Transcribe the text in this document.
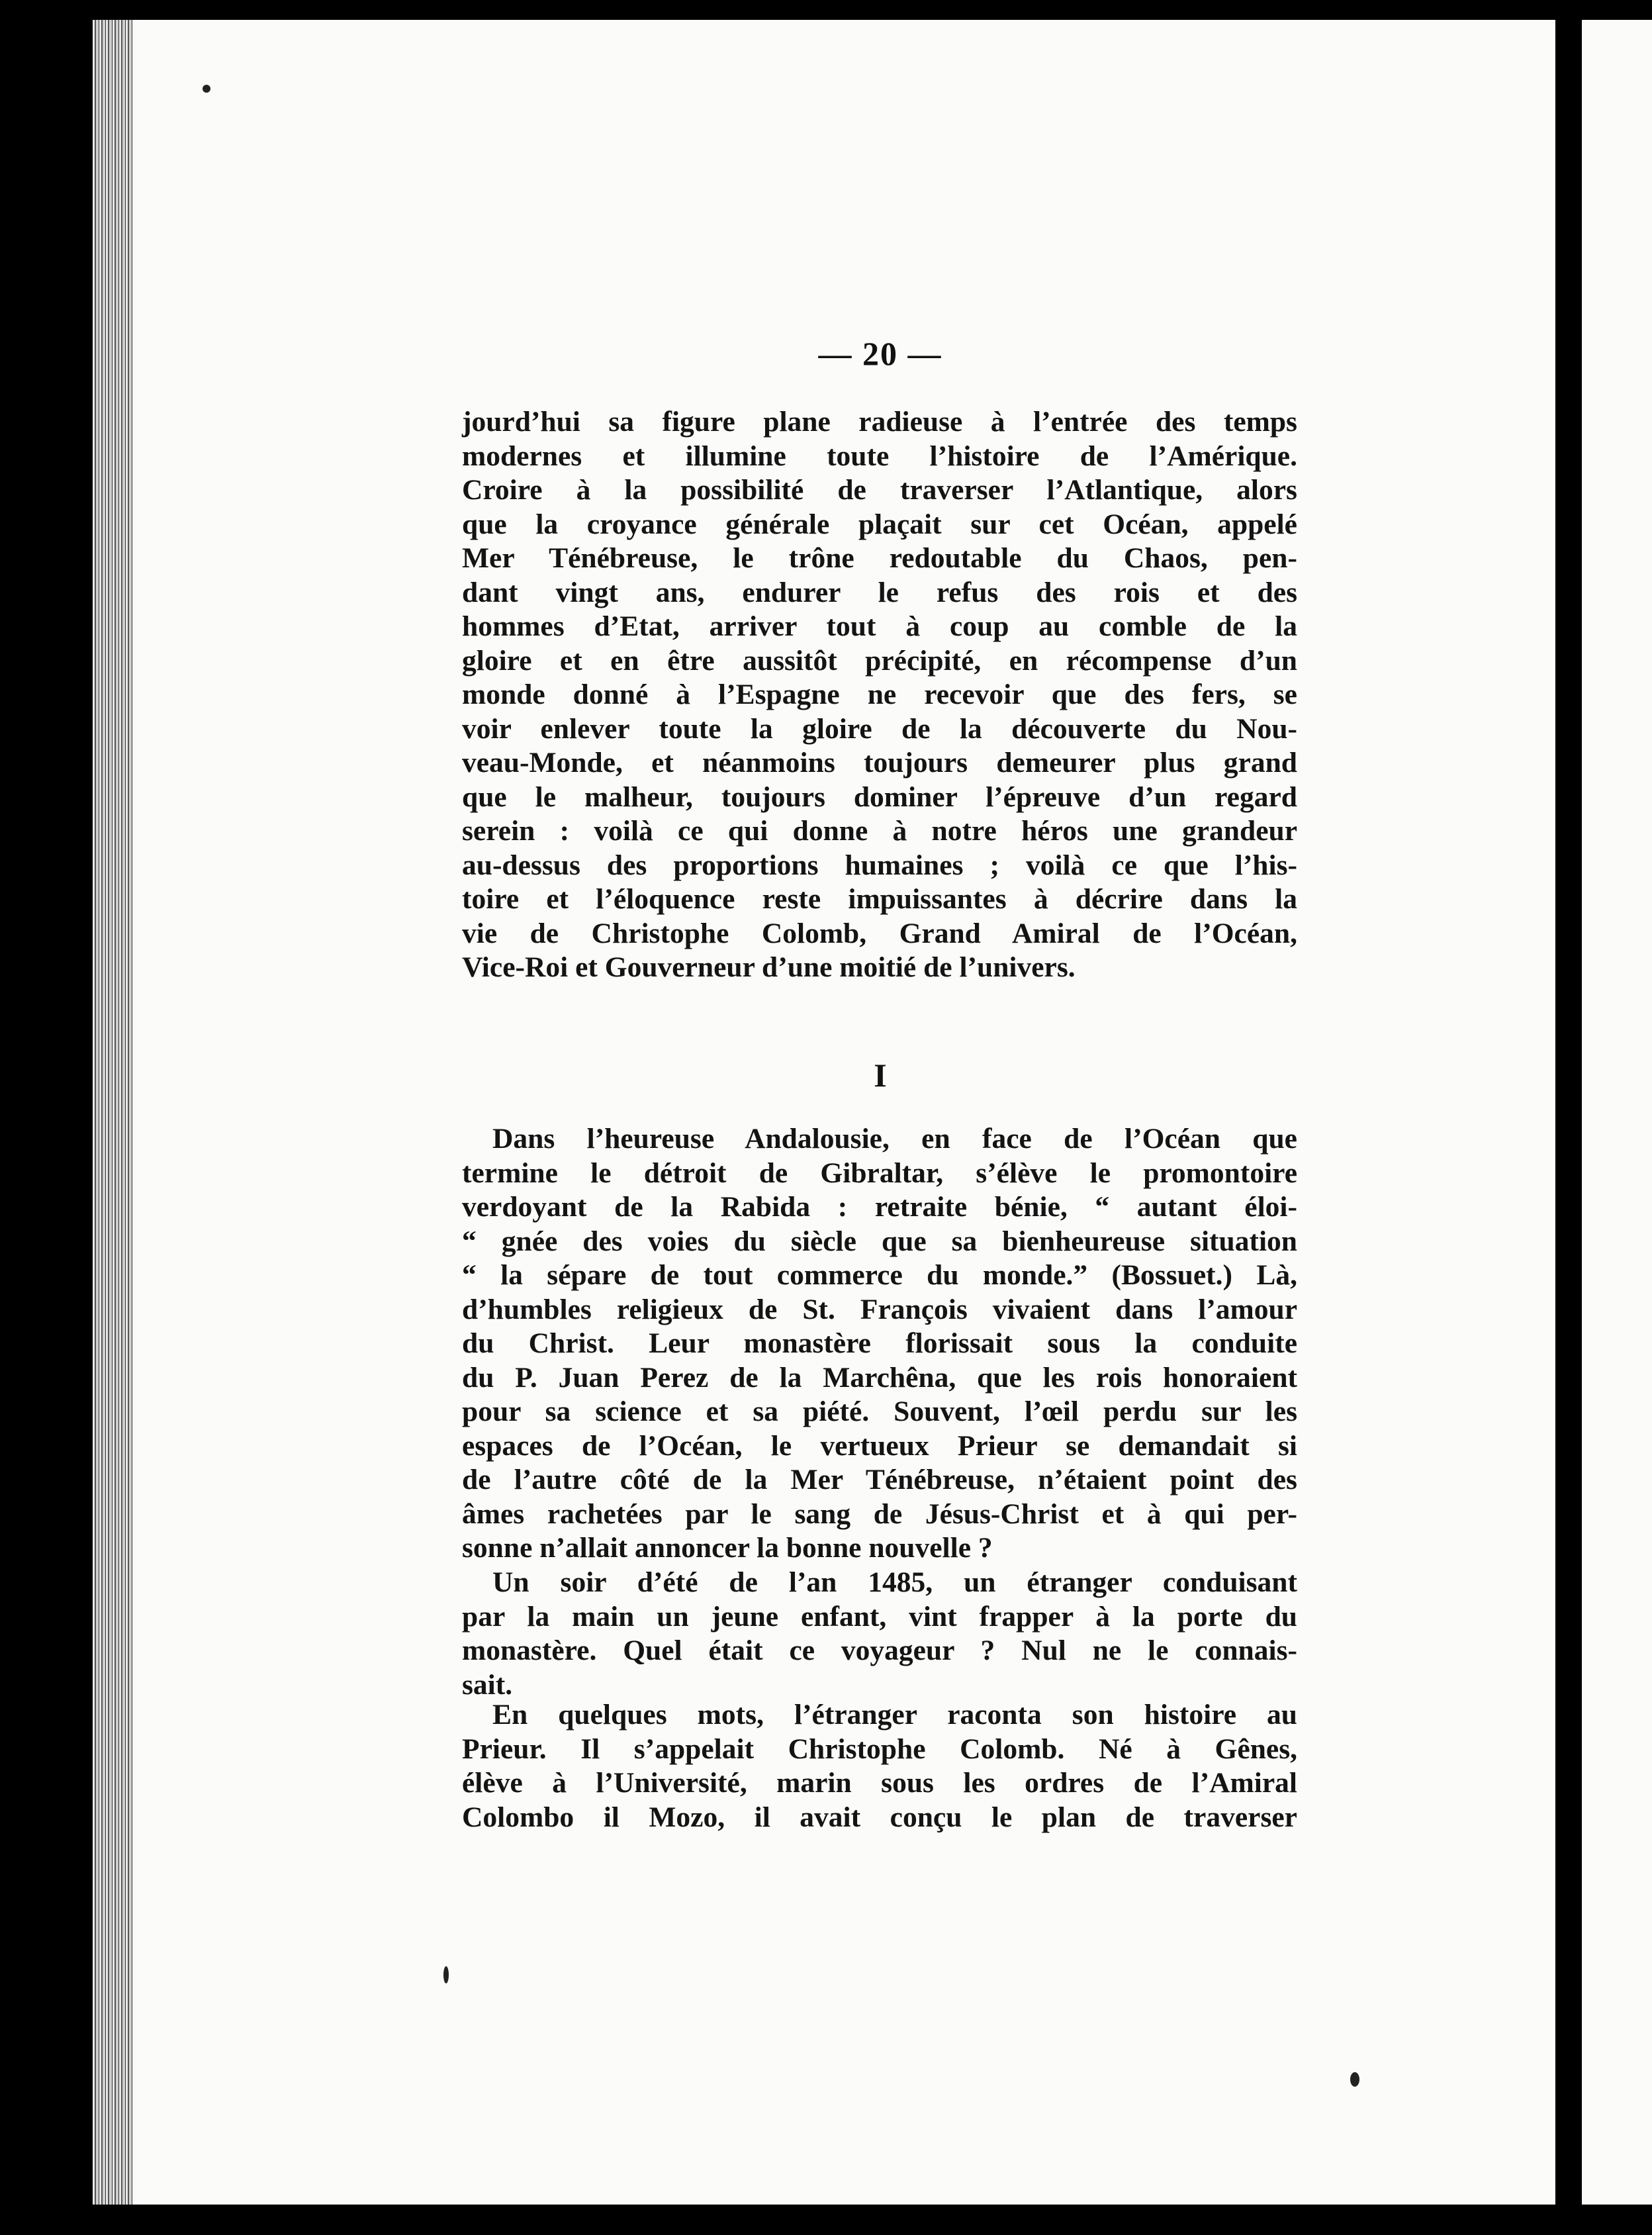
— 20 —
jourd’hui sa figure plane radieuse à l’entrée des temps
modernes et illumine toute l’histoire de l’Amérique.
Croire à la possibilité de traverser l’Atlantique, alors
que la croyance générale plaçait sur cet Océan, appelé
Mer Ténébreuse, le trône redoutable du Chaos, pen-
dant vingt ans, endurer le refus des rois et des
hommes d’Etat, arriver tout à coup au comble de la
gloire et en être aussitôt précipité, en récompense d’un
monde donné à l’Espagne ne recevoir que des fers, se
voir enlever toute la gloire de la découverte du Nou-
veau-Monde, et néanmoins toujours demeurer plus grand
que le malheur, toujours dominer l’épreuve d’un regard
serein : voilà ce qui donne à notre héros une grandeur
au-dessus des proportions humaines ; voilà ce que l’his-
toire et l’éloquence reste impuissantes à décrire dans la
vie de Christophe Colomb, Grand Amiral de l’Océan,
Vice-Roi et Gouverneur d’une moitié de l’univers.
I
Dans l’heureuse Andalousie, en face de l’Océan que
termine le détroit de Gibraltar, s’élève le promontoire
verdoyant de la Rabida : retraite bénie, “ autant éloi-
“ gnée des voies du siècle que sa bienheureuse situation
“ la sépare de tout commerce du monde.” (Bossuet.) Là,
d’humbles religieux de St. François vivaient dans l’amour
du Christ. Leur monastère florissait sous la conduite
du P. Juan Perez de la Marchêna, que les rois honoraient
pour sa science et sa piété. Souvent, l’œil perdu sur les
espaces de l’Océan, le vertueux Prieur se demandait si
de l’autre côté de la Mer Ténébreuse, n’étaient point des
âmes rachetées par le sang de Jésus-Christ et à qui per-
sonne n’allait annoncer la bonne nouvelle ?
Un soir d’été de l’an 1485, un étranger conduisant
par la main un jeune enfant, vint frapper à la porte du
monastère. Quel était ce voyageur ? Nul ne le connais-
sait.
En quelques mots, l’étranger raconta son histoire au
Prieur. Il s’appelait Christophe Colomb. Né à Gênes,
élève à l’Université, marin sous les ordres de l’Amiral
Colombo il Mozo, il avait conçu le plan de traverser
